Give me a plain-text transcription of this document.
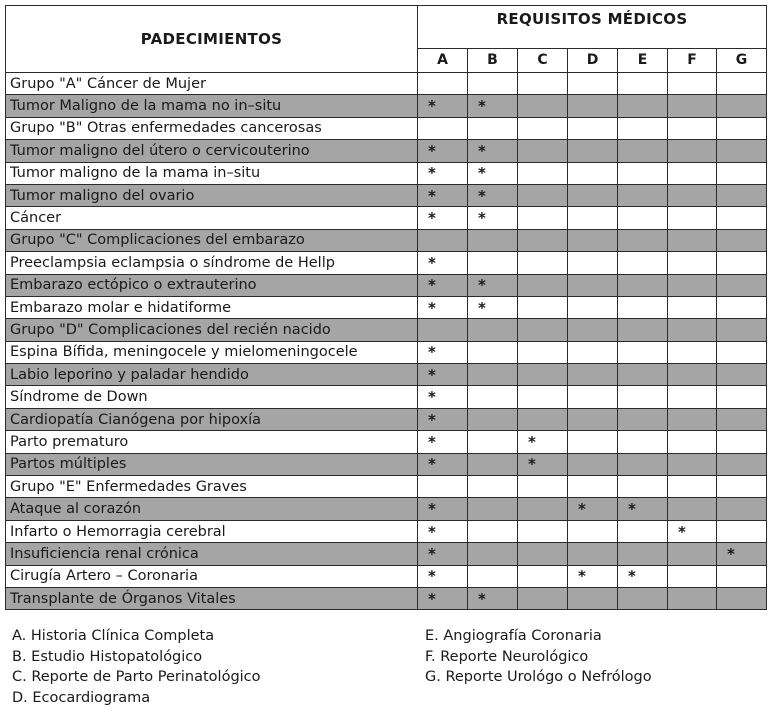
PADECIMIENTOS	REQUISITOS MÉDICOS						
	A	B	C	D	E	F	G
Grupo "A" Cáncer de Mujer							
Tumor Maligno de la mama no in–situ	*	*					
Grupo "B" Otras enfermedades cancerosas							
Tumor maligno del útero o cervicouterino	*	*					
Tumor maligno de la mama in–situ	*	*					
Tumor maligno del ovario	*	*					
Cáncer	*	*					
Grupo "C" Complicaciones del embarazo							
Preeclampsia eclampsia o síndrome de Hellp	*						
Embarazo ectópico o extrauterino	*	*					
Embarazo molar e hidatiforme	*	*					
Grupo "D" Complicaciones del recién nacido							
Espina Bífida, meningocele y mielomeningocele	*						
Labio leporino y paladar hendido	*						
Síndrome de Down	*						
Cardiopatía Cianógena por hipoxía	*						
Parto prematuro	*		*				
Partos múltiples	*		*				
Grupo "E" Enfermedades Graves							
Ataque al corazón	*			*	*		
Infarto o Hemorragia cerebral	*					*	
Insuficiencia renal crónica	*						*
Cirugía Artero – Coronaria	*			*	*		
Transplante de Órganos Vitales	*	*					
A. Historia Clínica Completa
B. Estudio Histopatológico
C. Reporte de Parto Perinatológico
D. Ecocardiograma
E. Angiografía Coronaria
F. Reporte Neurológico
G. Reporte Urológo o Nefrólogo
